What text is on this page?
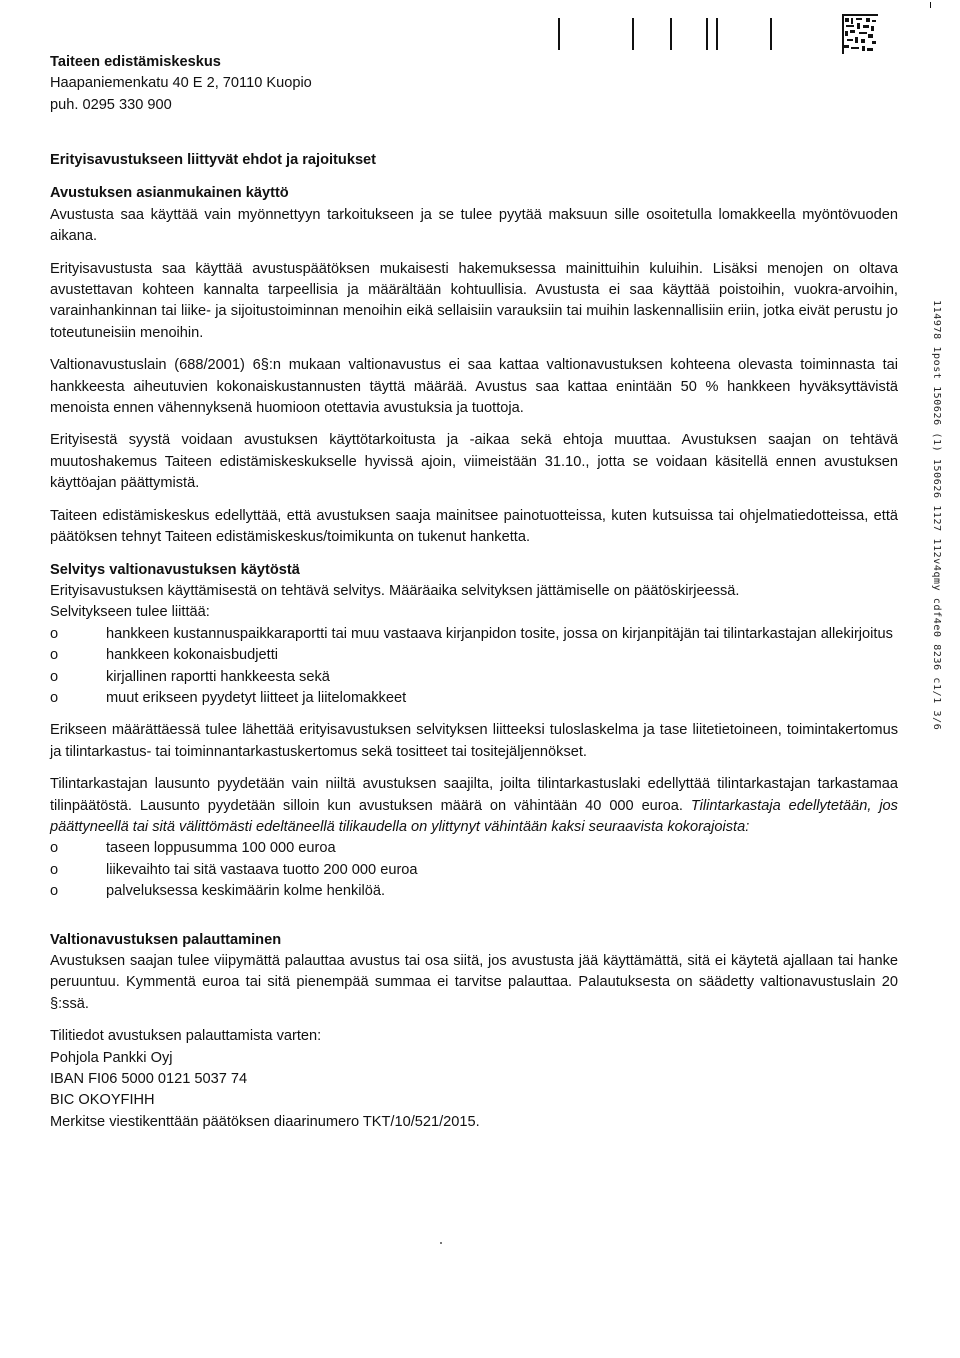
Taiteen edistämiskeskus
Haapaniemenkatu 40 E 2, 70110 Kuopio
puh. 0295 330 900
Erityisavustukseen liittyvät ehdot ja rajoitukset
Avustuksen asianmukainen käyttö

Avustusta saa käyttää vain myönnettyyn tarkoitukseen ja se tulee pyytää maksuun sille osoitetulla lomakkeella myöntövuoden aikana.

Erityisavustusta saa käyttää avustuspäätöksen mukaisesti hakemuksessa mainittuihin kuluihin. Lisäksi menojen on oltava avustettavan kohteen kannalta tarpeellisia ja määrältään kohtuullisia. Avustusta ei saa käyttää poistoihin, vuokra-arvoihin, varainhankinnan tai liike- ja sijoitustoiminnan menoihin eikä sellaisiin varauksiin tai muihin laskennallisiin eriin, jotka eivät perustu jo toteutuneisiin menoihin.

Valtionavustuslain (688/2001) 6§:n mukaan valtionavustus ei saa kattaa valtionavustuksen kohteena olevasta toiminnasta tai hankkeesta aiheutuvien kokonaiskustannusten täyttä määrää. Avustus saa kattaa enintään 50 % hankkeen hyväksyttävistä menoista ennen vähennyksenä huomioon otettavia avustuksia ja tuottoja.

Erityisestä syystä voidaan avustuksen käyttötarkoitusta ja -aikaa sekä ehtoja muuttaa. Avustuksen saajan on tehtävä muutoshakemus Taiteen edistämiskeskukselle hyvissä ajoin, viimeistään 31.10., jotta se voidaan käsitellä ennen avustuksen käyttöajan päättymistä.

Taiteen edistämiskeskus edellyttää, että avustuksen saaja mainitsee painotuotteissa, kuten kutsuissa tai ohjelmatiedotteissa, että päätöksen tehnyt Taiteen edistämiskeskus/toimikunta on tukenut hanketta.

Selvitys valtionavustuksen käytöstä

Erityisavustuksen käyttämisestä on tehtävä selvitys. Määräaika selvityksen jättämiselle on päätöskirjeessä.

Selvitykseen tulee liittää:

o	hankkeen kustannuspaikkaraportti tai muu vastaava kirjanpidon tosite, jossa on kirjanpitäjän tai tilintarkastajan allekirjoitus
o	hankkeen kokonaisbudjetti
o	kirjallinen raportti hankkeesta sekä
o	muut erikseen pyydetyt liitteet ja liitelomakkeet

Erikseen määrättäessä tulee lähettää erityisavustuksen selvityksen liitteeksi tuloslaskelma ja tase liitetietoineen, toimintakertomus ja tilintarkastus- tai toiminnantarkastuskertomus sekä tositteet tai tositejäljennökset.

Tilintarkastajan lausunto pyydetään vain niiltä avustuksen saajilta, joilta tilintarkastuslaki edellyttää tilintarkastajan tarkastamaa tilinpäätöstä. Lausunto pyydetään silloin kun avustuksen määrä on vähintään 40 000 euroa. Tilintarkastaja edellytetään, jos päättyneellä tai sitä välittömästi edeltäneellä tilikaudella on ylittynyt vähintään kaksi seuraavista kokorajoista:

o	taseen loppusumma 100 000 euroa
o	liikevaihto tai sitä vastaava tuotto 200 000 euroa
o	palveluksessa keskimäärin kolme henkilöä.
Valtionavustuksen palauttaminen

Avustuksen saajan tulee viipymättä palauttaa avustus tai osa siitä, jos avustusta jää käyttämättä, sitä ei käytetä ajallaan tai hanke peruuntuu. Kymmentä euroa tai sitä pienempää summaa ei tarvitse palauttaa. Palautuksesta on säädetty valtionavustuslain 20 §:ssä.

Tilitiedot avustuksen palauttamista varten:

Pohjola Pankki Oyj

IBAN FI06 5000 0121 5037 74

BIC OKOYFIHH

Merkitse viestikenttään päätöksen diaarinumero TKT/10/521/2015.

114978 1post 150626 (1) 150626 1127 112v4qmy cdf4e0 8236 c1/1 3/6
